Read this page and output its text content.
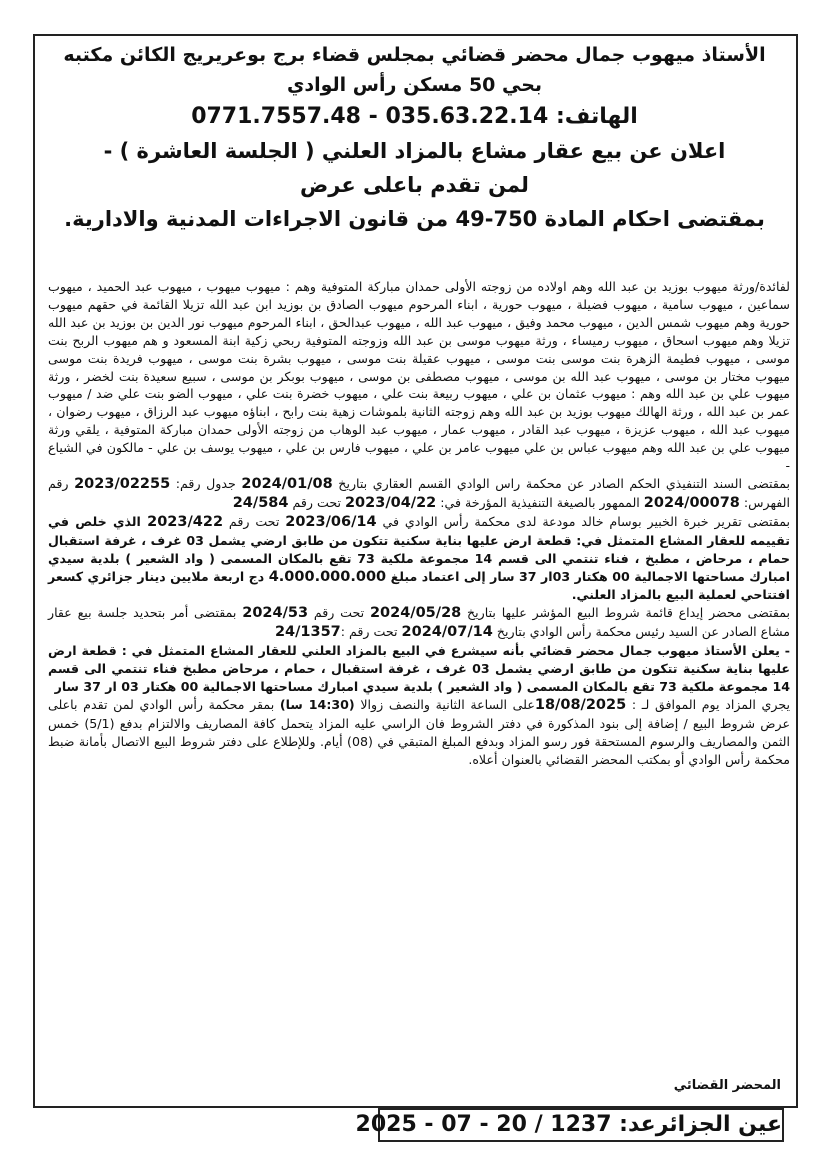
الأستاذ ميهوب جمال محضر قضائي بمجلس قضاء برج بوعريريج الكائن مكتبه
بحي 50 مسكن رأس الوادي
الهاتف: 035.63.22.14 - 0771.7557.48
اعلان عن بيع عقار مشاع بالمزاد العلني ( الجلسة العاشرة ) -
لمن تقدم باعلى عرض
بمقتضى احكام المادة 750-49 من قانون الاجراءات المدنية والادارية.

لفائدة/ورثة ميهوب بوزيد بن عبد الله وهم اولاده من زوجته الأولى حمدان مباركة المتوفية وهم : ميهوب ميهوب ، ميهوب عبد الحميد ، ميهوب سماعين ، ميهوب سامية ، ميهوب فضيلة ، ميهوب حورية ، ابناء المرحوم ميهوب الصادق بن بوزيد ابن عبد الله تزيلا القائمة في حقهم ميهوب حورية وهم ميهوب شمس الدين ، ميهوب محمد وفيق ، ميهوب عبد الله ، ميهوب عبدالحق ، ابناء المرحوم ميهوب نور الدين بن بوزيد بن عبد الله تزيلا وهم ميهوب اسحاق ، ميهوب رميساء ، ورثة ميهوب موسى بن عبد الله وزوجته المتوفية ربحي زكية ابنة المسعود و هم ميهوب الربح بنت موسى ، ميهوب فطيمة الزهرة بنت موسى بنت موسى ، ميهوب عقيلة بنت موسى ، ميهوب بشرة بنت موسى ، ميهوب فريدة بنت موسى ميهوب مختار بن موسى ، ميهوب عبد الله بن موسى ، ميهوب مصطفى بن موسى ، ميهوب بوبكر بن موسى ، سبيع سعيدة بنت لخضر ، ورثة ميهوب علي بن عبد الله وهم : ميهوب عثمان بن علي ، ميهوب ربيعة بنت علي ، ميهوب خضرة بنت علي ، ميهوب الضو بنت علي ضد / ميهوب عمر بن عبد الله ، ورثة الهالك ميهوب بوزيد بن عبد الله وهم زوجته الثانية بلموشات زهية بنت رابح ، ابناؤه ميهوب عبد الرزاق ، ميهوب رضوان ، ميهوب عبد الله ، ميهوب عزيزة ، ميهوب عبد القادر ، ميهوب عمار ، ميهوب عبد الوهاب من زوجته الأولى حمدان مباركة المتوفية ، يلقي ورثة ميهوب علي بن عبد الله وهم ميهوب عباس بن علي ميهوب عامر بن علي ، ميهوب فارس بن علي ، ميهوب يوسف بن علي - مالكون في الشياع -

بمقتضى السند التنفيذي الحكم الصادر عن محكمة راس الوادي القسم العقاري بتاريخ 2024/01/08 جدول رقم: 2023/02255 رقم الفهرس: 2024/00078 الممهور بالصيغة التنفيذية المؤرخة في: 2023/04/22 تحت رقم 24/584

بمقتضى تقرير خبرة الخبير بوسام خالد مودعة لدى محكمة رأس الوادي في 2023/06/14 تحت رقم 2023/422 الذي خلص في تقييمه للعقار المشاع المتمثل في: قطعة ارض عليها بناية سكنية تتكون من طابق ارضي يشمل 03 غرف ، غرفة استقبال حمام ، مرحاض ، مطبخ ، فناء تنتمي الى قسم 14 مجموعة ملكية 73 تقع بالمكان المسمى ( واد الشعير ) بلدية سيدي امبارك مساحتها الاجمالية 00 هكتار 03ار 37 سار إلى اعتماد مبلغ 4.000.000.000 دج اربعة ملايين دينار جزائري كسعر افتتاحي لعملية البيع بالمزاد العلني.

بمقتضى محضر إيداع قائمة شروط البيع المؤشر عليها بتاريخ 2024/05/28 تحت رقم 2024/53 بمقتضى أمر بتحديد جلسة بيع عقار مشاع الصادر عن السيد رئيس محكمة رأس الوادي بتاريخ 2024/07/14 تحت رقم :24/1357

- يعلن الأستاذ ميهوب جمال محضر قضائي بأنه سيشرع في البيع بالمزاد العلني للعقار المشاع المتمثل في : قطعة ارض عليها بناية سكنية تتكون من طابق ارضي يشمل 03 غرف ، غرفة استقبال ، حمام ، مرحاض مطبخ فناء تنتمي الى قسم 14 مجموعة ملكية 73 تقع بالمكان المسمى ( واد الشعير ) بلدية سيدي امبارك مساحتها الاجمالية 00 هكتار 03 ار 37 سار

يجري المزاد يوم الموافق لـ : 18/08/2025على الساعة الثانية والنصف زوالا (14:30 سا) بمقر محكمة رأس الوادي لمن تقدم باعلى عرض شروط البيع / إضافة إلى بنود المذكورة في دفتر الشروط فان الراسي عليه المزاد يتحمل كافة المصاريف والالتزام بدفع (5/1) خمس الثمن والمصاريف والرسوم المستحقة فور رسو المزاد وبدفع المبلغ المتبقي في (08) أيام. وللإطلاع على دفتر شروط البيع الاتصال بأمانة ضبط محكمة رأس الوادي أو بمكتب المحضر القضائي بالعنوان أعلاه.

المحضر القضائي
عين الجزائرعد: 1237 / 20 - 07 - 2025
